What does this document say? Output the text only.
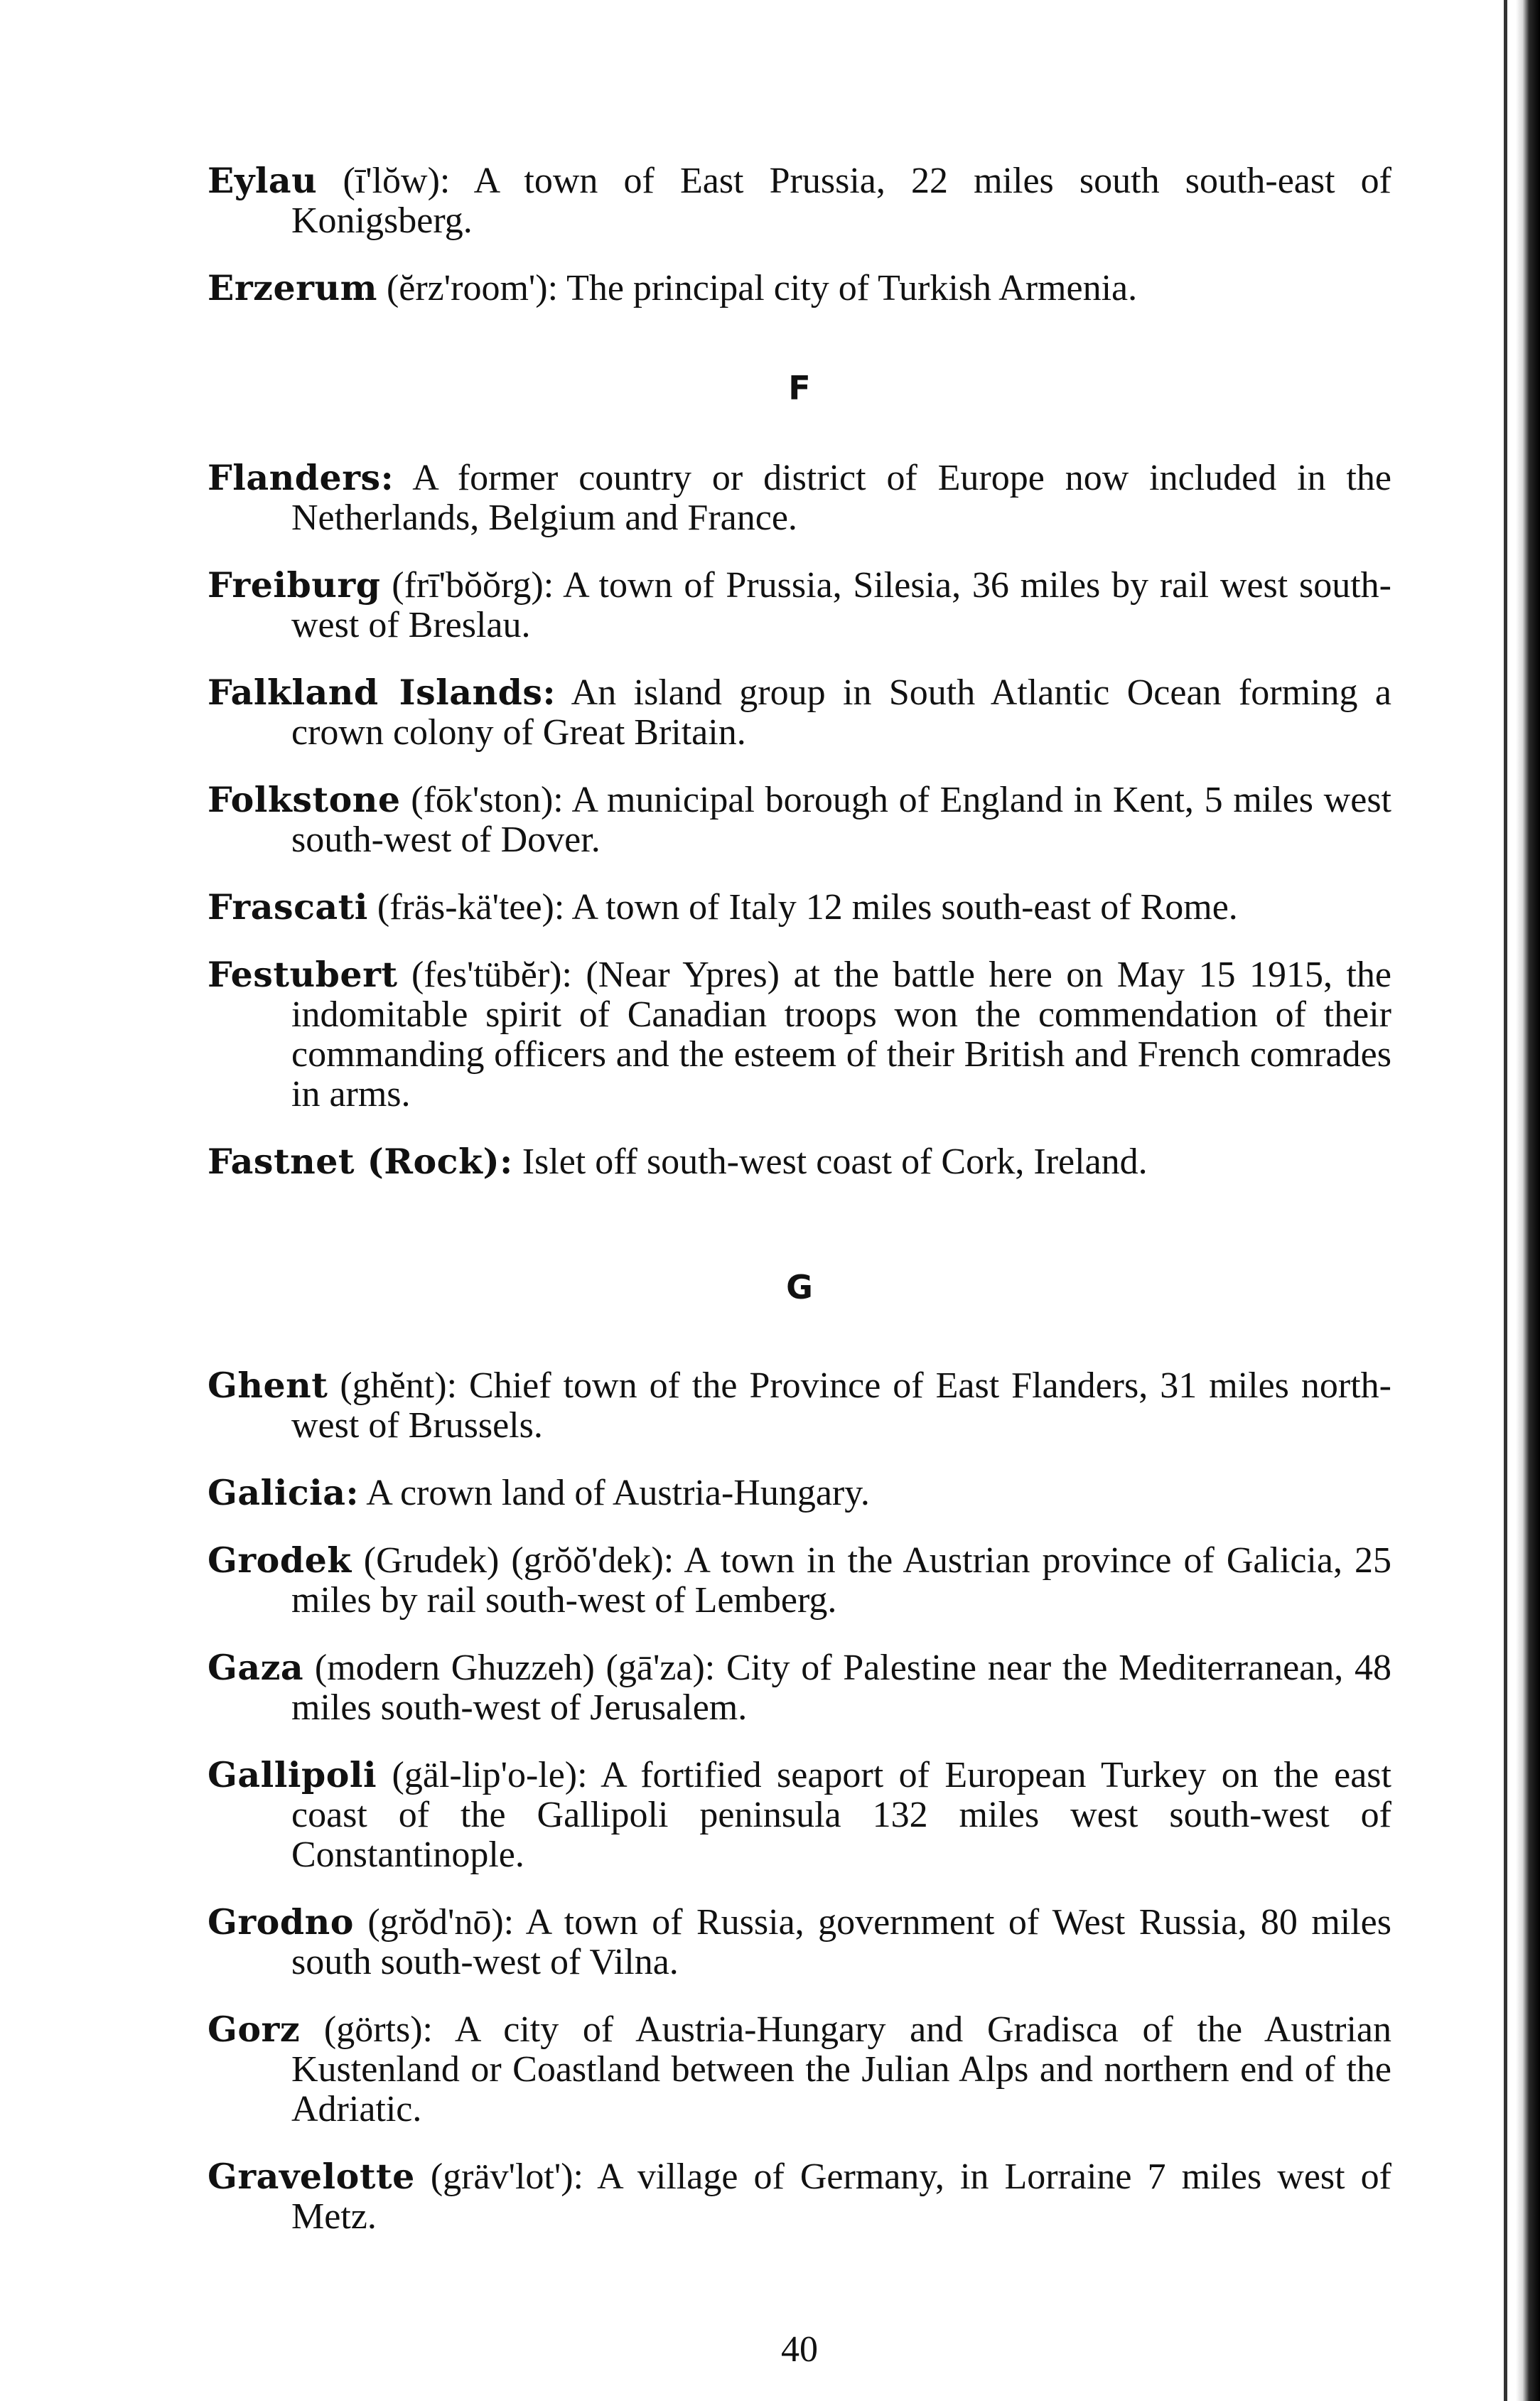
Eylau (ī'lŏw): A town of East Prussia, 22 miles south south-east of Konigsberg.
Erzerum (ĕrz'room'): The principal city of Turkish Armenia.
F
Flanders: A former country or district of Europe now included in the Netherlands, Belgium and France.
Freiburg (frī'bŏŏrg): A town of Prussia, Silesia, 36 miles by rail west south-west of Breslau.
Falkland Islands: An island group in South Atlantic Ocean forming a crown colony of Great Britain.
Folkstone (fōk'ston): A municipal borough of England in Kent, 5 miles west south-west of Dover.
Frascati (fräs-kä'tee): A town of Italy 12 miles south-east of Rome.
Festubert (fes'tübĕr): (Near Ypres) at the battle here on May 15 1915, the indomitable spirit of Canadian troops won the commendation of their commanding officers and the esteem of their British and French comrades in arms.
Fastnet (Rock): Islet off south-west coast of Cork, Ireland.
G
Ghent (ghĕnt): Chief town of the Province of East Flanders, 31 miles north-west of Brussels.
Galicia: A crown land of Austria-Hungary.
Grodek (Grudek) (grŏŏ'dek): A town in the Austrian province of Galicia, 25 miles by rail south-west of Lemberg.
Gaza (modern Ghuzzeh) (gā'za): City of Palestine near the Mediterranean, 48 miles south-west of Jerusalem.
Gallipoli (gäl-lip'o-le): A fortified seaport of European Turkey on the east coast of the Gallipoli peninsula 132 miles west south-west of Constantinople.
Grodno (grŏd'nō): A town of Russia, government of West Russia, 80 miles south south-west of Vilna.
Gorz (görts): A city of Austria-Hungary and Gradisca of the Austrian Kustenland or Coastland between the Julian Alps and northern end of the Adriatic.
Gravelotte (gräv'lot'): A village of Germany, in Lorraine 7 miles west of Metz.
40
